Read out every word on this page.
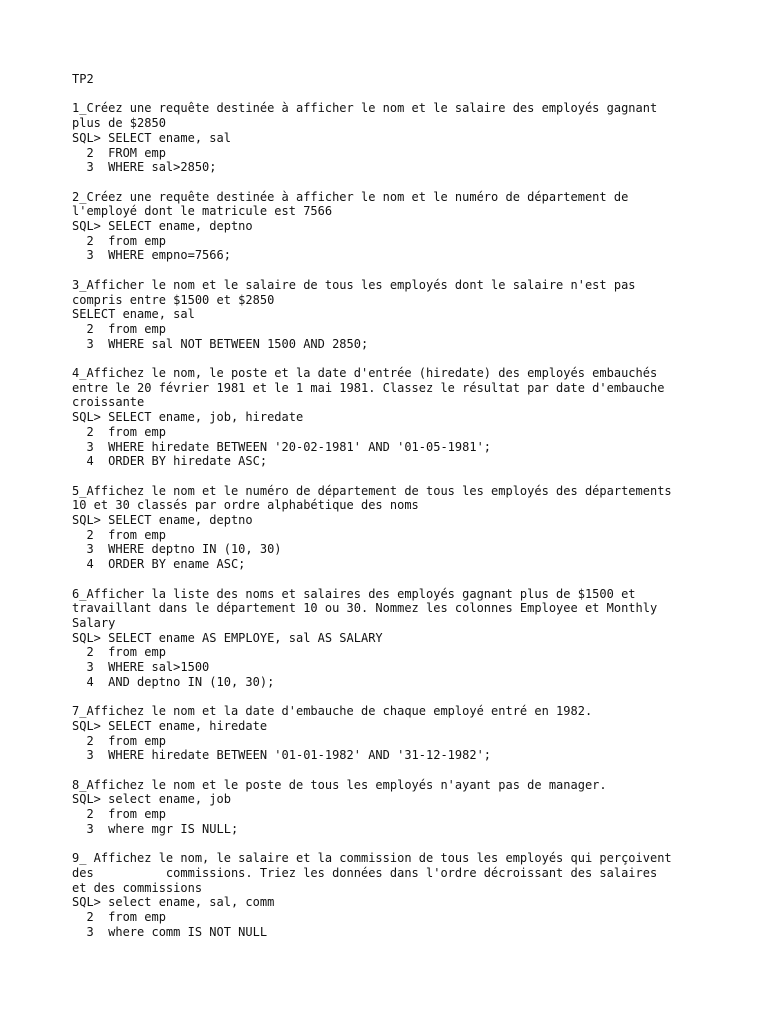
TP2
1_Créez une requête destinée à afficher le nom et le salaire des employés gagnant
plus de $2850
SQL> SELECT ename, sal
2  FROM emp
3  WHERE sal>2850;
2_Créez une requête destinée à afficher le nom et le numéro de département de
l'employé dont le matricule est 7566
SQL> SELECT ename, deptno
2  from emp
3  WHERE empno=7566;
3_Afficher le nom et le salaire de tous les employés dont le salaire n'est pas
compris entre $1500 et $2850
SELECT ename, sal
2  from emp
3  WHERE sal NOT BETWEEN 1500 AND 2850;
4_Affichez le nom, le poste et la date d'entrée (hiredate) des employés embauchés
entre le 20 février 1981 et le 1 mai 1981. Classez le résultat par date d'embauche
croissante
SQL> SELECT ename, job, hiredate
2  from emp
3  WHERE hiredate BETWEEN '20-02-1981' AND '01-05-1981';
4  ORDER BY hiredate ASC;
5_Affichez le nom et le numéro de département de tous les employés des départements
10 et 30 classés par ordre alphabétique des noms
SQL> SELECT ename, deptno
2  from emp
3  WHERE deptno IN (10, 30)
4  ORDER BY ename ASC;
6_Afficher la liste des noms et salaires des employés gagnant plus de $1500 et
travaillant dans le département 10 ou 30. Nommez les colonnes Employee et Monthly
Salary
SQL> SELECT ename AS EMPLOYE, sal AS SALARY
2  from emp
3  WHERE sal>1500
4  AND deptno IN (10, 30);
7_Affichez le nom et la date d'embauche de chaque employé entré en 1982.
SQL> SELECT ename, hiredate
2  from emp
3  WHERE hiredate BETWEEN '01-01-1982' AND '31-12-1982';
8_Affichez le nom et le poste de tous les employés n'ayant pas de manager.
SQL> select ename, job
2  from emp
3  where mgr IS NULL;
9_ Affichez le nom, le salaire et la commission de tous les employés qui perçoivent
des          commissions. Triez les données dans l'ordre décroissant des salaires
et des commissions
SQL> select ename, sal, comm
2  from emp
3  where comm IS NOT NULL
